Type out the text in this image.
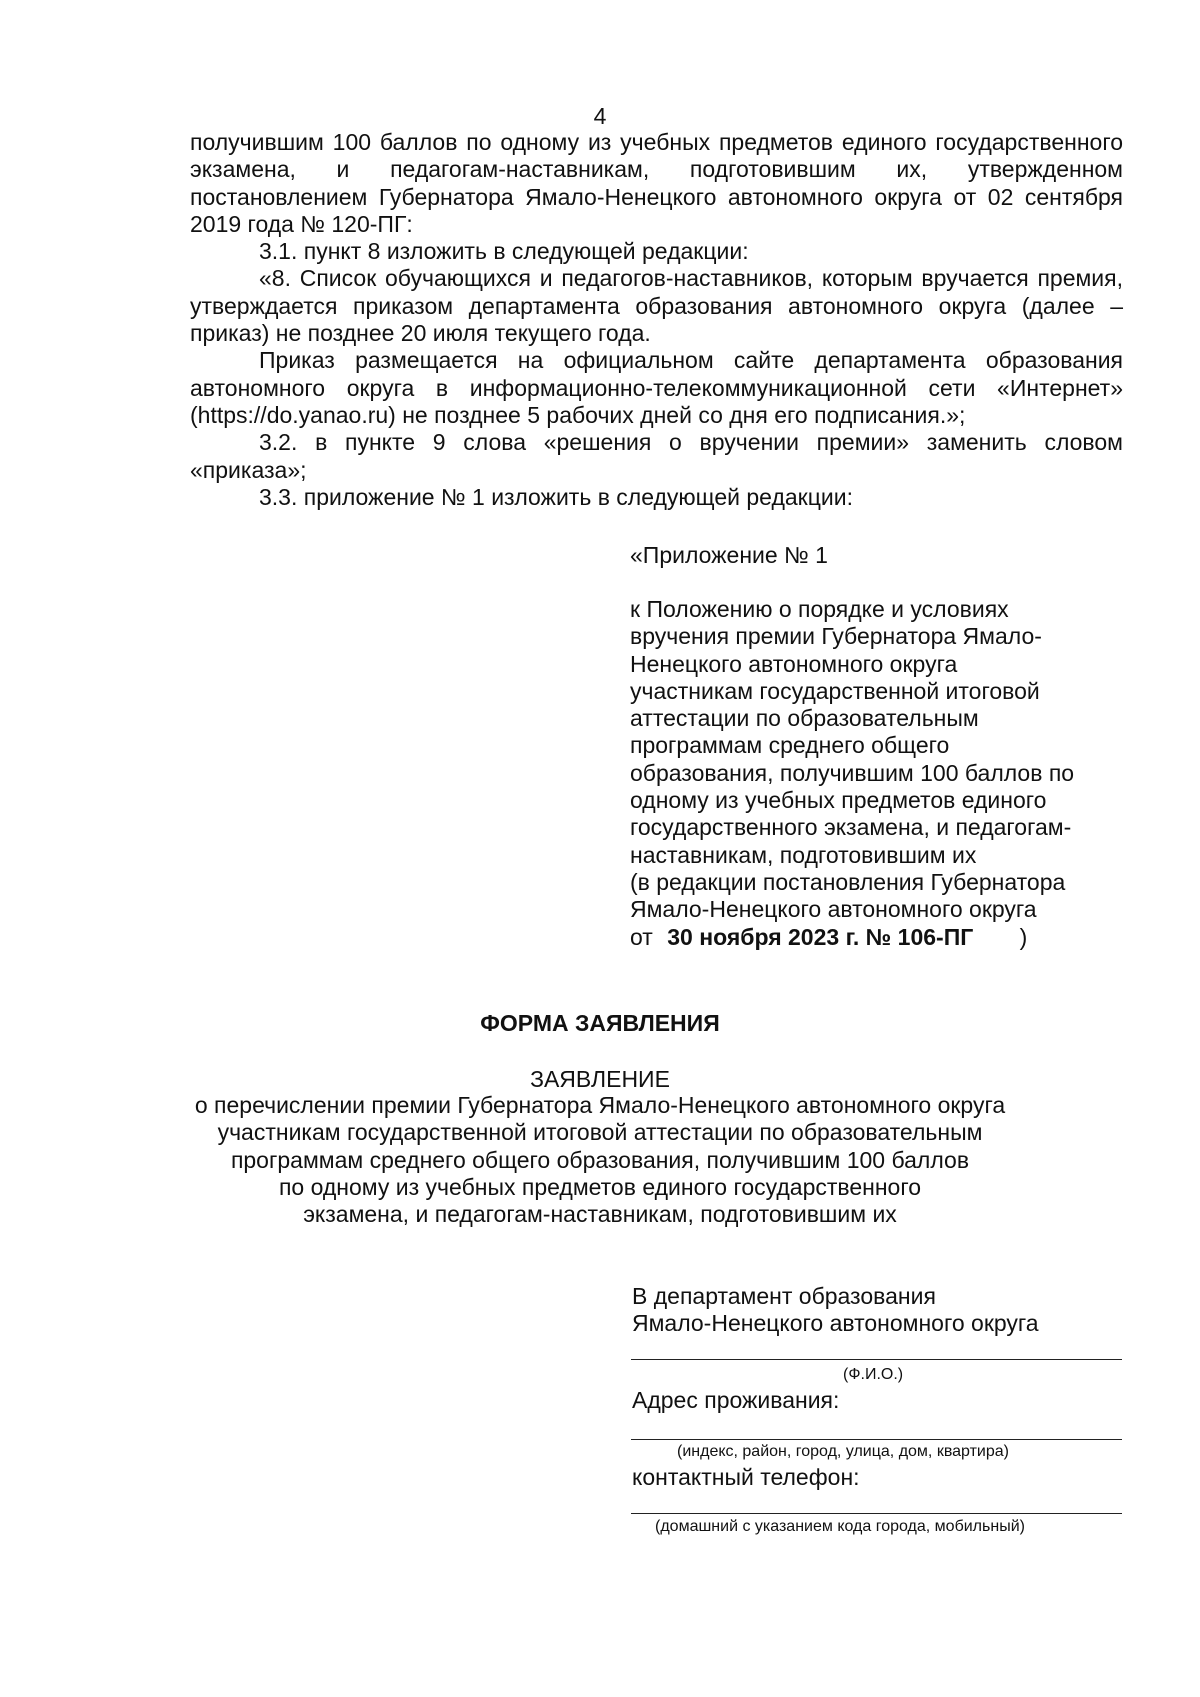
4

получившим 100 баллов по одному из учебных предметов единого государственного экзамена, и педагогам-наставникам, подготовившим их, утвержденном постановлением Губернатора Ямало-Ненецкого автономного округа от 02 сентября 2019 года № 120-ПГ:

3.1. пункт 8 изложить в следующей редакции:

«8. Список обучающихся и педагогов-наставников, которым вручается премия, утверждается приказом департамента образования автономного округа (далее – приказ) не позднее 20 июля текущего года.

Приказ размещается на официальном сайте департамента образования автономного округа в информационно-телекоммуникационной сети «Интернет» (https://do.yanao.ru) не позднее 5 рабочих дней со дня его подписания.»;

3.2. в пункте 9 слова «решения о вручении премии» заменить словом «приказа»;

3.3. приложение № 1 изложить в следующей редакции:

«Приложение № 1
к Положению о порядке и условиях
вручения премии Губернатора Ямало-
Ненецкого автономного округа
участникам государственной итоговой
аттестации по образовательным
программам среднего общего
образования, получившим 100 баллов по
одному из учебных предметов единого
государственного экзамена, и педагогам-
наставникам, подготовившим их
(в редакции постановления Губернатора
Ямало-Ненецкого автономного округа
от 30 ноября 2023 г. № 106-ПГ )
ФОРМА ЗАЯВЛЕНИЯ
ЗАЯВЛЕНИЕ
о перечислении премии Губернатора Ямало-Ненецкого автономного округа
участникам государственной итоговой аттестации по образовательным
программам среднего общего образования, получившим 100 баллов
по одному из учебных предметов единого государственного
экзамена, и педагогам-наставникам, подготовившим их
В департамент образования
Ямало-Ненецкого автономного округа
(Ф.И.О.)
Адрес проживания:
(индекс, район, город, улица, дом, квартира)
контактный телефон:
(домашний с указанием кода города, мобильный)
